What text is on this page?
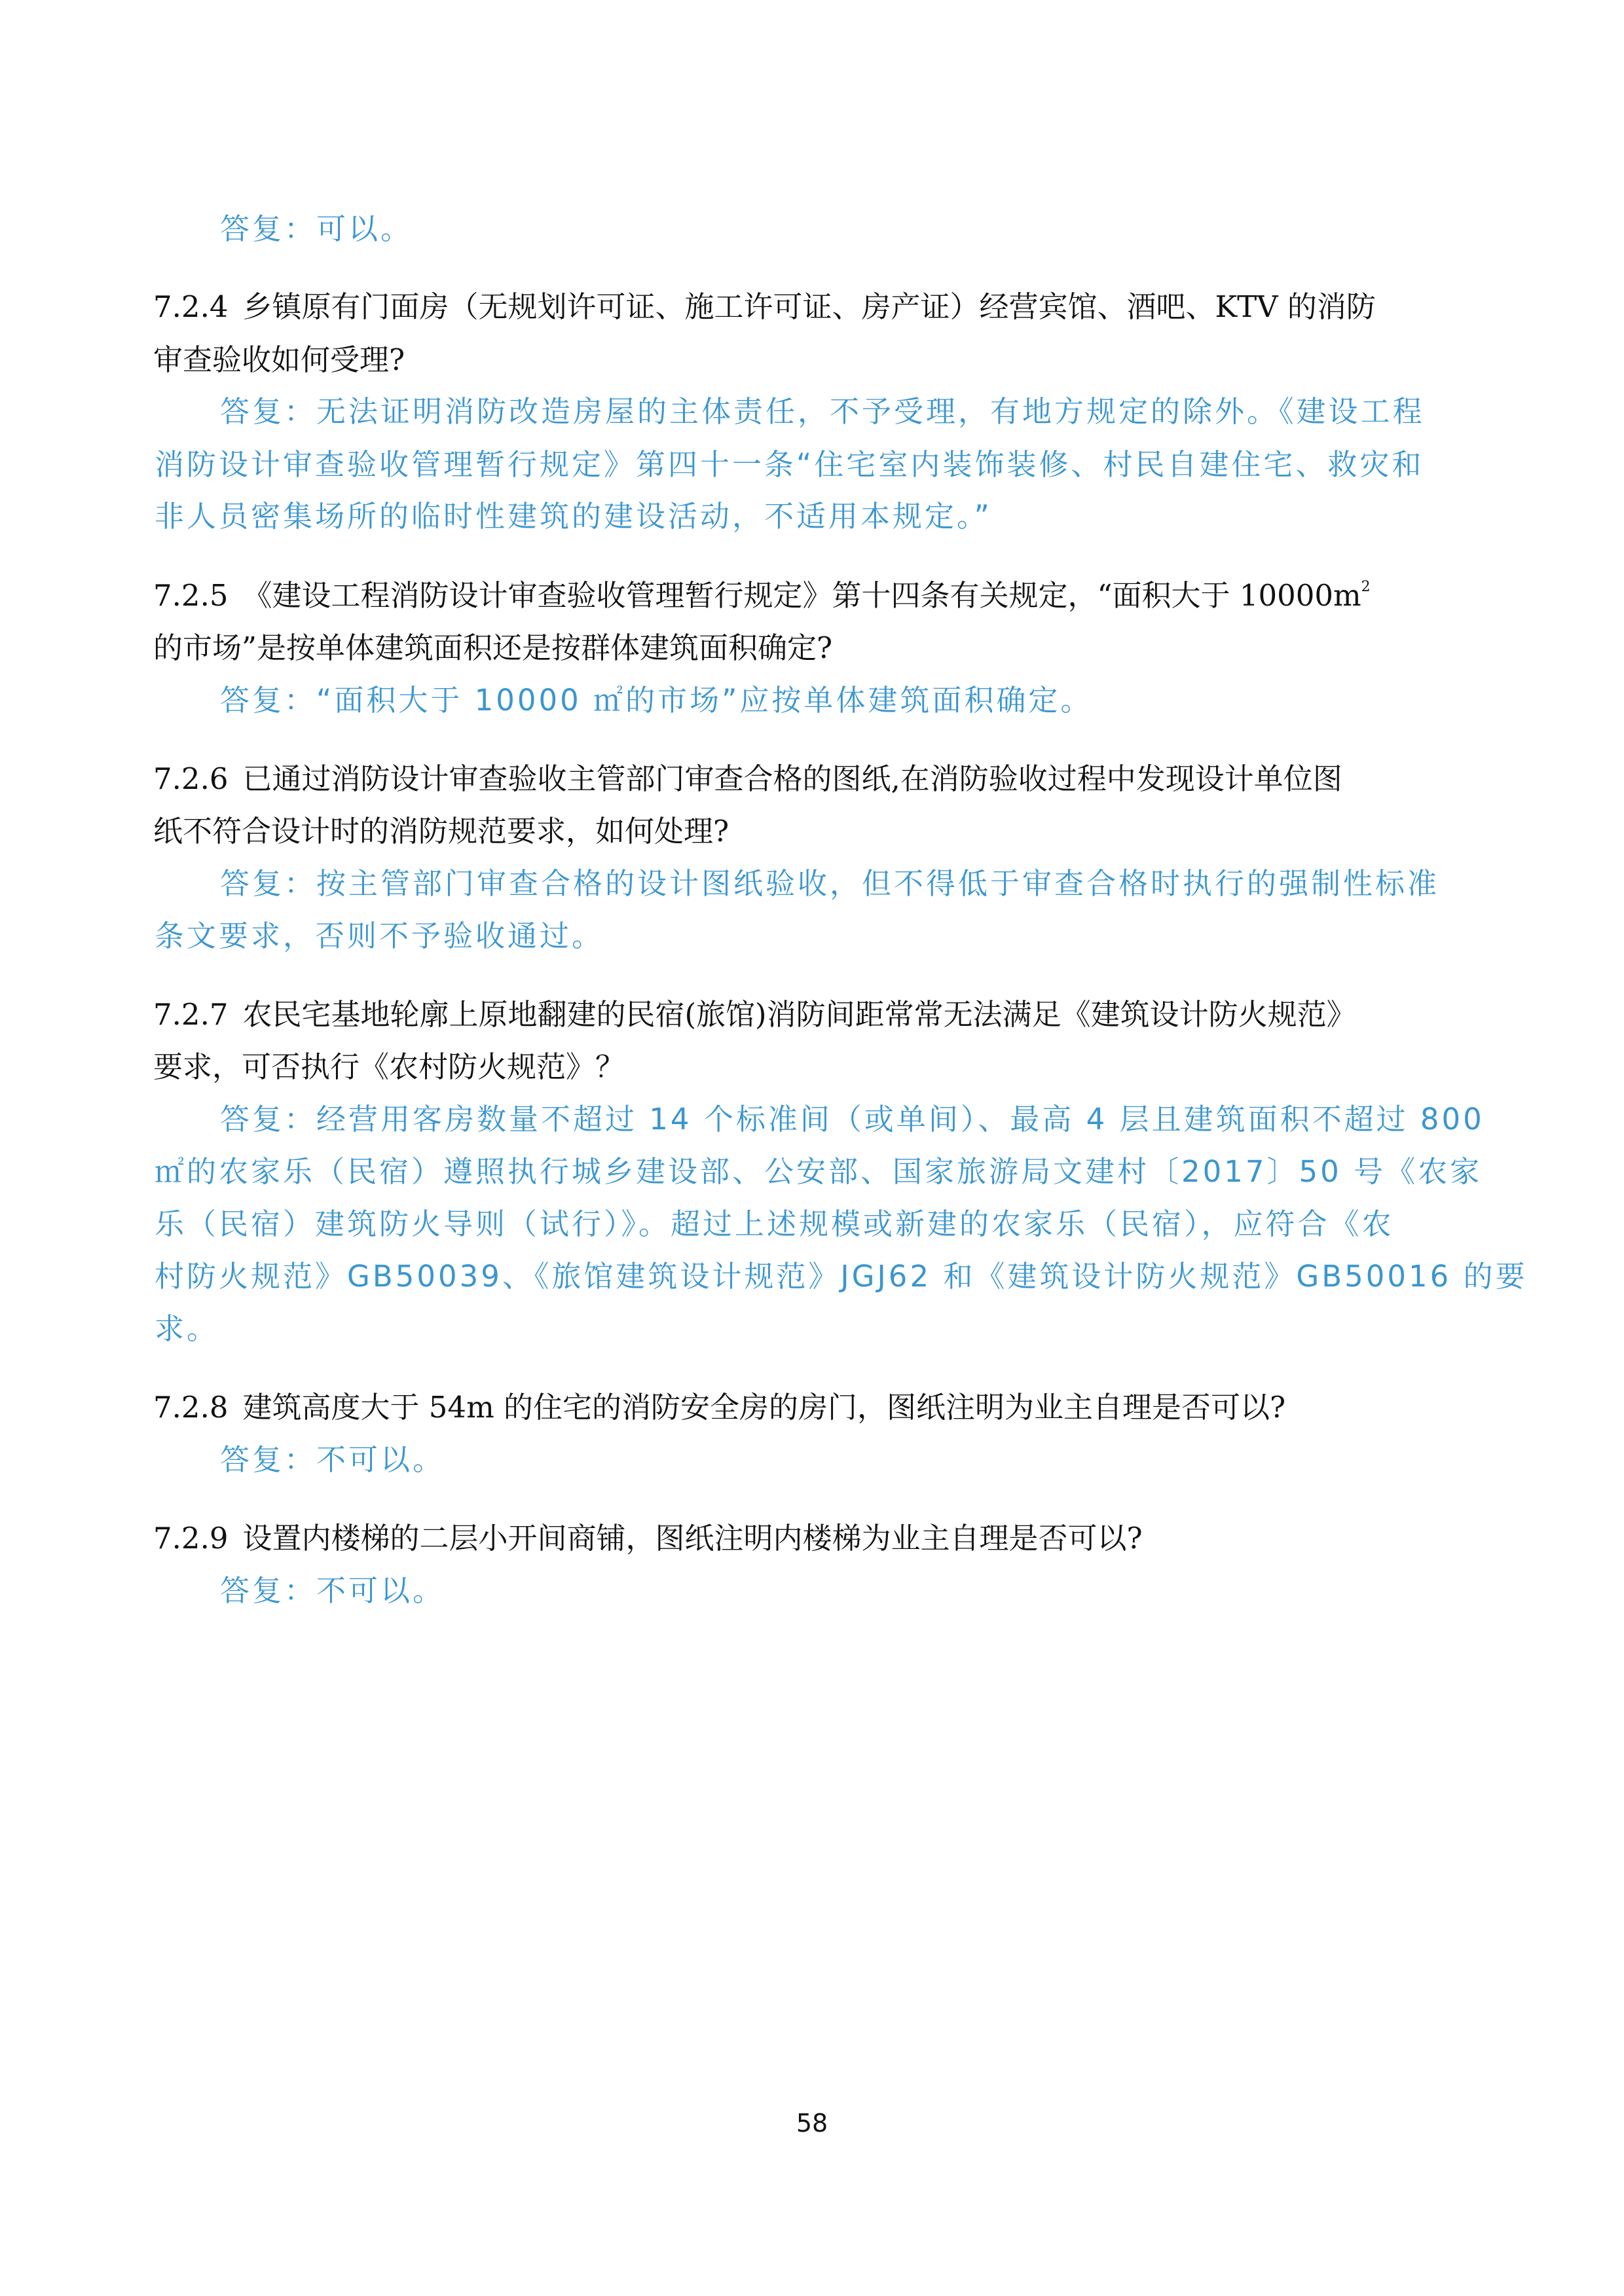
答复：可以。
7.2.4 乡镇原有门面房（无规划许可证、施工许可证、房产证）经营宾馆、酒吧、KTV 的消防
审查验收如何受理?
答复：无法证明消防改造房屋的主体责任，不予受理，有地方规定的除外。《建设工程
消防设计审查验收管理暂行规定》第四十一条“住宅室内装饰装修、村民自建住宅、救灾和
非人员密集场所的临时性建筑的建设活动，不适用本规定。”
7.2.5 《建设工程消防设计审查验收管理暂行规定》第十四条有关规定，“面积大于 $10000m^2$
的市场”是按单体建筑面积还是按群体建筑面积确定?
答复：“面积大于 10000 ㎡的市场”应按单体建筑面积确定。
7.2.6 已通过消防设计审查验收主管部门审查合格的图纸,在消防验收过程中发现设计单位图
纸不符合设计时的消防规范要求，如何处理?
答复：按主管部门审查合格的设计图纸验收，但不得低于审查合格时执行的强制性标准
条文要求，否则不予验收通过。
7.2.7 农民宅基地轮廓上原地翻建的民宿(旅馆)消防间距常常无法满足《建筑设计防火规范》
要求，可否执行《农村防火规范》？
答复：经营用客房数量不超过 14 个标准间（或单间）、最高 4 层且建筑面积不超过 800
㎡的农家乐（民宿）遵照执行城乡建设部、公安部、国家旅游局文建村〔2017〕50 号《农家
乐（民宿）建筑防火导则（试行）》。超过上述规模或新建的农家乐（民宿），应符合《农
村防火规范》GB50039、《旅馆建筑设计规范》JGJ62 和《建筑设计防火规范》GB50016 的要
求。
7.2.8 建筑高度大于 54m 的住宅的消防安全房的房门，图纸注明为业主自理是否可以?
答复：不可以。
7.2.9 设置内楼梯的二层小开间商铺，图纸注明内楼梯为业主自理是否可以?
答复：不可以。
58
